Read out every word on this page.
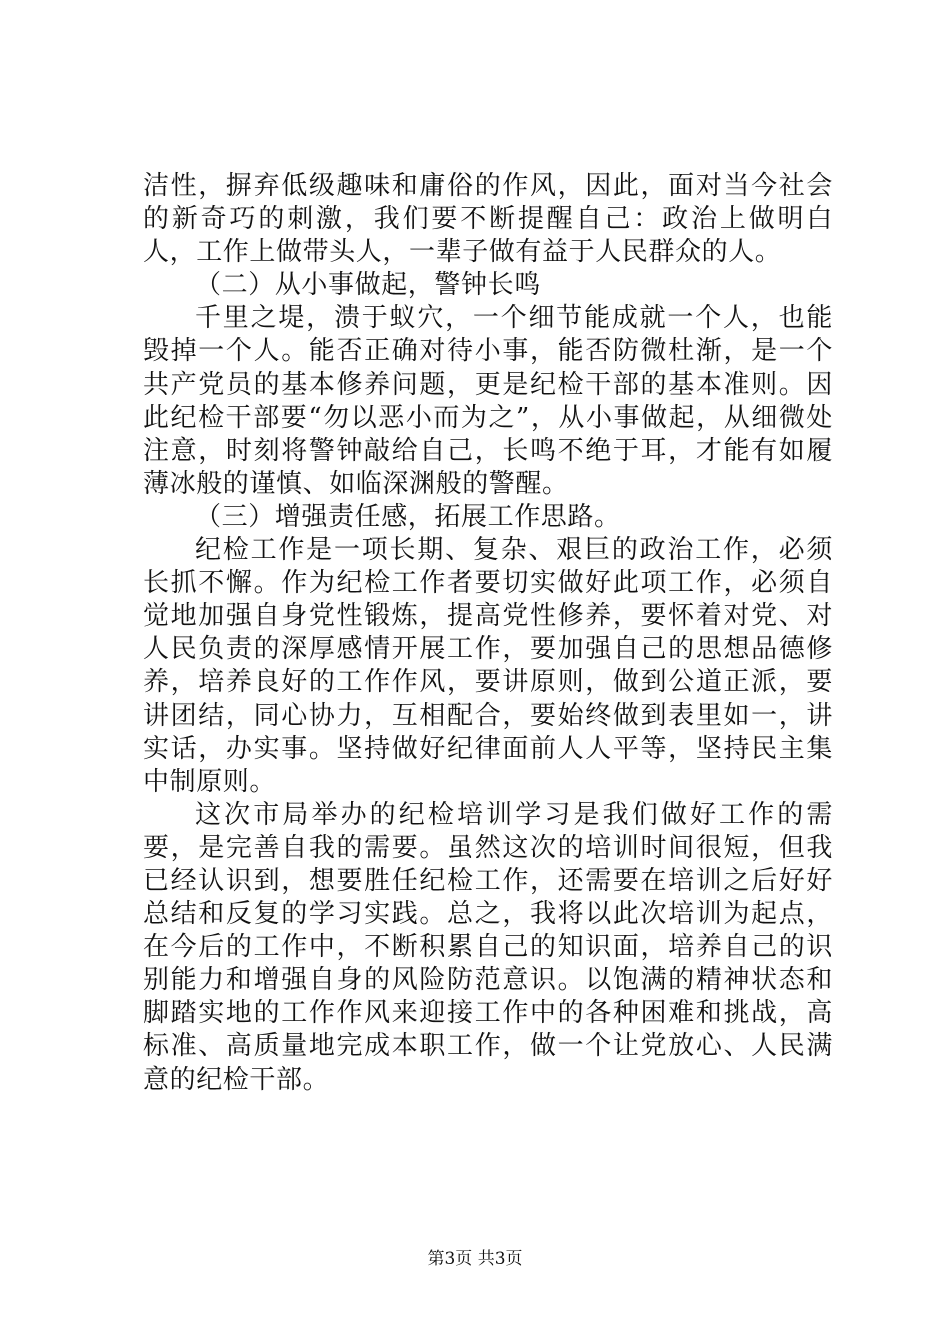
洁性，摒弃低级趣味和庸俗的作风，因此，面对当今社会的新奇巧的刺激，我们要不断提醒自己：政治上做明白人，工作上做带头人，一辈子做有益于人民群众的人。

（二）从小事做起，警钟长鸣

千里之堤，溃于蚁穴，一个细节能成就一个人，也能毁掉一个人。能否正确对待小事，能否防微杜渐，是一个共产党员的基本修养问题，更是纪检干部的基本准则。因此纪检干部要“勿以恶小而为之”，从小事做起，从细微处注意，时刻将警钟敲给自己，长鸣不绝于耳，才能有如履薄冰般的谨慎、如临深渊般的警醒。

（三）增强责任感，拓展工作思路。

纪检工作是一项长期、复杂、艰巨的政治工作，必须长抓不懈。作为纪检工作者要切实做好此项工作，必须自觉地加强自身党性锻炼，提高党性修养，要怀着对党、对人民负责的深厚感情开展工作，要加强自己的思想品德修养，培养良好的工作作风，要讲原则，做到公道正派，要讲团结，同心协力，互相配合，要始终做到表里如一，讲实话，办实事。坚持做好纪律面前人人平等，坚持民主集中制原则。

这次市局举办的纪检培训学习是我们做好工作的需要，是完善自我的需要。虽然这次的培训时间很短，但我已经认识到，想要胜任纪检工作，还需要在培训之后好好总结和反复的学习实践。总之，我将以此次培训为起点，在今后的工作中，不断积累自己的知识面，培养自己的识别能力和增强自身的风险防范意识。以饱满的精神状态和脚踏实地的工作作风来迎接工作中的各种困难和挑战，高标准、高质量地完成本职工作，做一个让党放心、人民满意的纪检干部。

第3页 共3页
